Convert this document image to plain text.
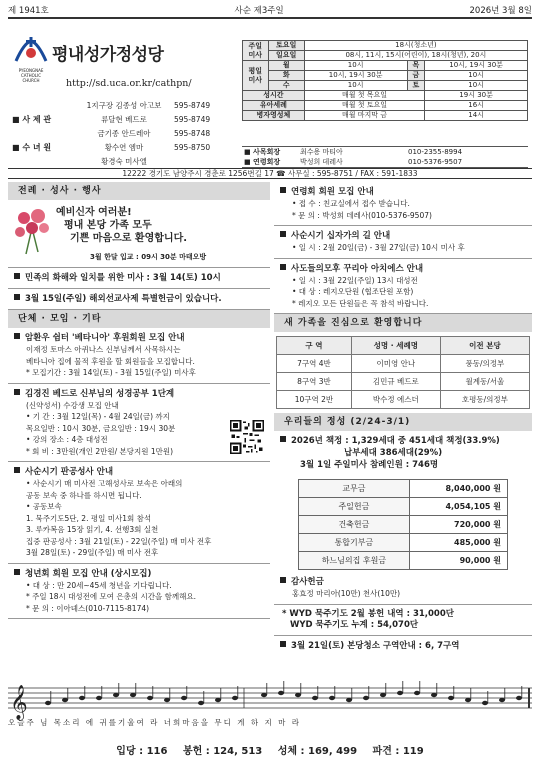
제 1941호	사순 제3주일	2026년 3월 8일
평내성가정성당
PYEONGNAE CATHOLIC CHURCH	http://sd.uca.or.kr/cathpn/
1지구장 김종성 아고보	595-8749
■ 사 제 관	류달현 베드로	595-8749
금기종 안드레아	595-8748
■ 수 녀 원	황수연 엠마	595-8750
황경숙 미사엘
주일
미사	토요일	18시(청소년)		
	일요일	08시, 11시, 15시(어린이), 18시(청년), 20시		
평일
미사	월	10시	목	10시, 19시 30분
	화	10시, 19시 30분	금	10시
	수	10시	토	10시
성시간		매월 첫 목요일		19시 30분
유아세례		매월 첫 토요일		16시
병자영성체		매월 마지막 금		14시
■ 사목회장	최수용 마티아	010-2355-8994
■ 연령회장	박성희 데레사	010-5376-9507
12222 경기도 남양주시 경춘로 1256번길 17 ☎ 사무실 : 595-8751 / FAX : 591-1833
전례 · 성사 · 행사
예비신자 여러분!
평내 본당 가족 모두
기쁜 마음으로 환영합니다.
3월 한달 입교 : 09시 30분 마태오방
민족의 화해와 일치를 위한 미사 : 3월 14(토) 10시
3월 15일(주일) 해외선교사제 특별헌금이 있습니다.
단체 · 모임 · 기타
암환우 쉼터 '베타니아' 후원회원 모집 안내
이재정 토마스 아퀴나스 신부님께서 사목하시는
베타니아 집에 물적 후원을 할 회원들을 모집합니다.
* 모집기간 : 3월 14일(토) - 3월 15일(주일) 미사후
김경진 베드로 신부님의 성경공부 1단계
(신약성서) 수강생 모집 안내
• 기 간 : 3월 12일(목) - 4월 24일(금) 까지
목요일반 : 10시 30분, 금요일반 : 19시 30분
• 강의 장소 : 4층 대성전
* 회 비 : 3만원(개인 2만원/ 본당지원 1만원)
사순시기 판공성사 안내
• 사순시기 매 미사전 고해성사로 보속은 아래의
공동 보속 중 하나를 하시면 됩니다.
• 공동보속
1. 묵주기도5단, 2. 평일 미사1회 참석
3. 루카복음 15장 읽기, 4. 선행3회 실천
집중 판공성사 : 3월 21일(토) - 22일(주일) 매 미사 전후
3월 28일(토) - 29일(주일) 매 미사 전후
청년회 회원 모집 안내 (상시모집)
• 대 상 : 만 20세~45세 청년을 기다립니다.
* 주일 18시 대성전에 모여 은총의 시간을 함께해요.
* 문 의 : 이아녜스(010-7115-8174)
연령회 회원 모집 안내
• 접 수 : 친교실에서 접수 받습니다.
* 문 의 : 박성희 데레사(010-5376-9507)
사순시기 십자가의 길 안내
• 일 시 : 2월 20일(금) - 3월 27일(금) 10시 미사 후
사도들의모후 꾸리아 아치에스 안내
• 일 시 : 3월 22일(주일) 13시 대성전
• 대 상 : 레지오단원 (협조단원 포함)
* 레지오 모든 단원들은 꼭 참석 바랍니다.
새 가족을 진심으로 환영합니다
구 역	성명 · 세례명	이전 본당
7구역 4반	이미영 안나	풍동/의정부
8구역 3반	김민규 베드로	월계동/서울
10구역 2반	박수정 에스더	호평동/의정부
우리들의 정성 (2/24-3/1)
2026년 책정 : 1,329세대 중 451세대 책정(33.9%)
납부세대 386세대(29%)
3월 1일 주일미사 참례인원 : 746명
교무금	8,040,000 원
주일헌금	4,054,105 원
건축헌금	720,000 원
통합기부금	485,000 원
하느님의집 후원금	90,000 원
감사헌금
홍효정 마리아(10만) 천사(10만)
* WYD 묵주기도 2월 봉헌 내역 : 31,000단
WYD 묵주기도 누계 : 54,070단
3월 21일(토) 본당청소 구역안내 : 6, 7구역
𝄞
오늘주 님 목소리 에 귀를기울여 라 너희마음을 무디 게 하 지 마 라
입당 : 116 봉헌 : 124, 513 성체 : 169, 499 파견 : 119
